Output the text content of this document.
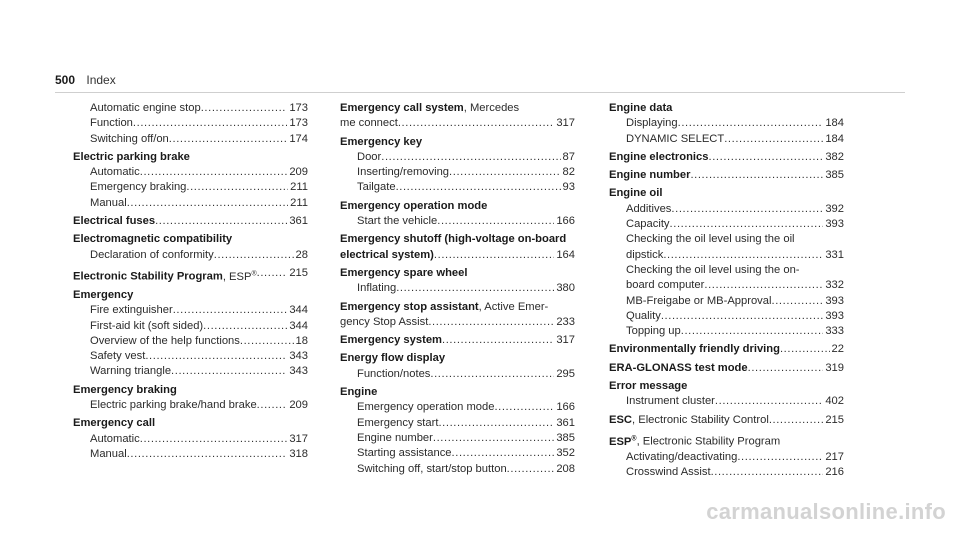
500 Index
Automatic engine stop .....	173
Function .....	173
Switching off/on .....	174
Electric parking brake
Automatic .....	209
Emergency braking .....	211
Manual .....	211
Electrical fuses .....	361
Electromagnetic compatibility
Declaration of conformity .....	28
Electronic Stability Program, ESP® .....	215
Emergency
Fire extinguisher .....	344
First-aid kit (soft sided) .....	344
Overview of the help functions .....	18
Safety vest .....	343
Warning triangle .....	343
Emergency braking
Electric parking brake/hand brake .....	209
Emergency call
Automatic .....	317
Manual .....	318
Emergency call system, Mercedes
me connect .....	317
Emergency key
Door .....	87
Inserting/removing .....	82
Tailgate .....	93
Emergency operation mode
Start the vehicle .....	166
Emergency shutoff (high-voltage on-board
electrical system) .....	164
Emergency spare wheel
Inflating .....	380
Emergency stop assistant, Active Emer-
gency Stop Assist .....	233
Emergency system .....	317
Energy flow display
Function/notes .....	295
Engine
Emergency operation mode .....	166
Emergency start .....	361
Engine number .....	385
Starting assistance .....	352
Switching off, start/stop button .....	208
Engine data
Displaying .....	184
DYNAMIC SELECT .....	184
Engine electronics .....	382
Engine number .....	385
Engine oil
Additives .....	392
Capacity .....	393
Checking the oil level using the oil
dipstick .....	331
Checking the oil level using the on-
board computer .....	332
MB-Freigabe or MB-Approval .....	393
Quality .....	393
Topping up .....	333
Environmentally friendly driving .....	22
ERA-GLONASS test mode .....	319
Error message
Instrument cluster .....	402
ESC, Electronic Stability Control .....	215
ESP®, Electronic Stability Program
Activating/deactivating .....	217
Crosswind Assist .....	216
carmanualsonline.info
